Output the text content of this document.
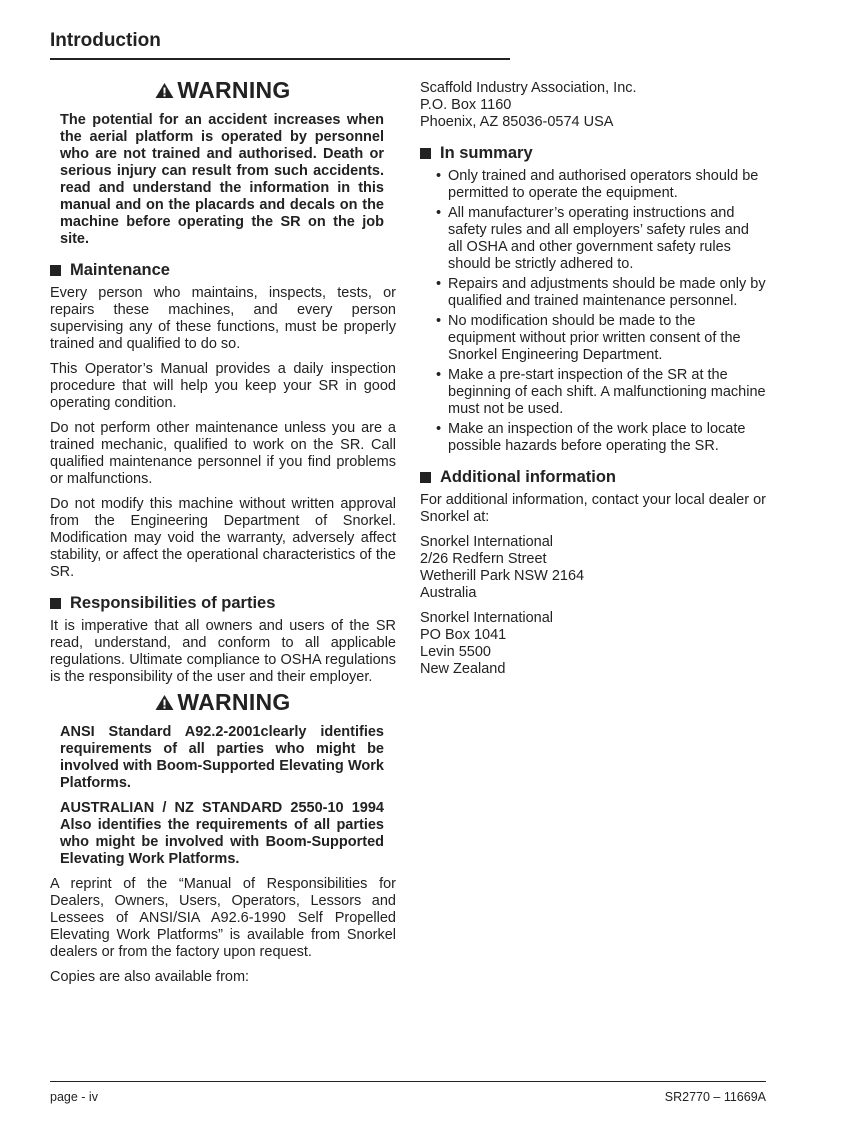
Introduction
WARNING

The potential for an accident increases when the aerial platform is operated by personnel who are not trained and authorised. Death or serious injury can result from such accidents. read and understand the information in this manual and on the placards and decals on the machine before operating the SR on the job site.

Maintenance

Every person who maintains, inspects, tests, or repairs these machines, and every person supervising any of these functions, must be properly trained and qualified to do so.

This Operator’s Manual provides a daily inspection procedure that will help you keep your SR in good operating condition.

Do not perform other maintenance unless you are a trained mechanic, qualified to work on the SR. Call qualified maintenance personnel if you find problems or malfunctions.

Do not modify this machine without written approval from the Engineering Department of Snorkel. Modification may void the warranty, adversely affect stability, or affect the operational characteristics of the SR.

Responsibilities of parties

It is imperative that all owners and users of the SR read, understand, and conform to all applicable regulations. Ultimate compliance to OSHA regulations is the responsibility of the user and their employer.

WARNING

ANSI Standard A92.2-2001clearly identifies requirements of all parties who might be involved with Boom-Supported Elevating Work Platforms.

AUSTRALIAN / NZ STANDARD 2550-10 1994 Also identifies the requirements of all parties who might be involved with Boom-Supported Elevating Work Platforms.

A reprint of the “Manual of Responsibilities for Dealers, Owners, Users, Operators, Lessors and Lessees of ANSI/SIA A92.6-1990 Self Propelled Elevating Work Platforms” is available from Snorkel dealers or from the factory upon request.

Copies are also available from:

Scaffold Industry Association, Inc.
P.O. Box 1160
Phoenix, AZ 85036-0574 USA
In summary
• Only trained and authorised operators should be permitted to operate the equipment.
• All manufacturer’s operating instructions and safety rules and all employers’ safety rules and all OSHA and other government safety rules should be strictly adhered to.
• Repairs and adjustments should be made only by qualified and trained maintenance personnel.
• No modification should be made to the equipment without prior written consent of the Snorkel Engineering Department.
• Make a pre-start inspection of the SR at the beginning of each shift. A malfunctioning machine must not be used.
• Make an inspection of the work place to locate possible hazards before operating the SR.
Additional information

For additional information, contact your local dealer or Snorkel at:

Snorkel International
2/26 Redfern Street
Wetherill Park NSW 2164
Australia
Snorkel International
PO Box 1041
Levin 5500
New Zealand
page - iv	SR2770 – 11669A
